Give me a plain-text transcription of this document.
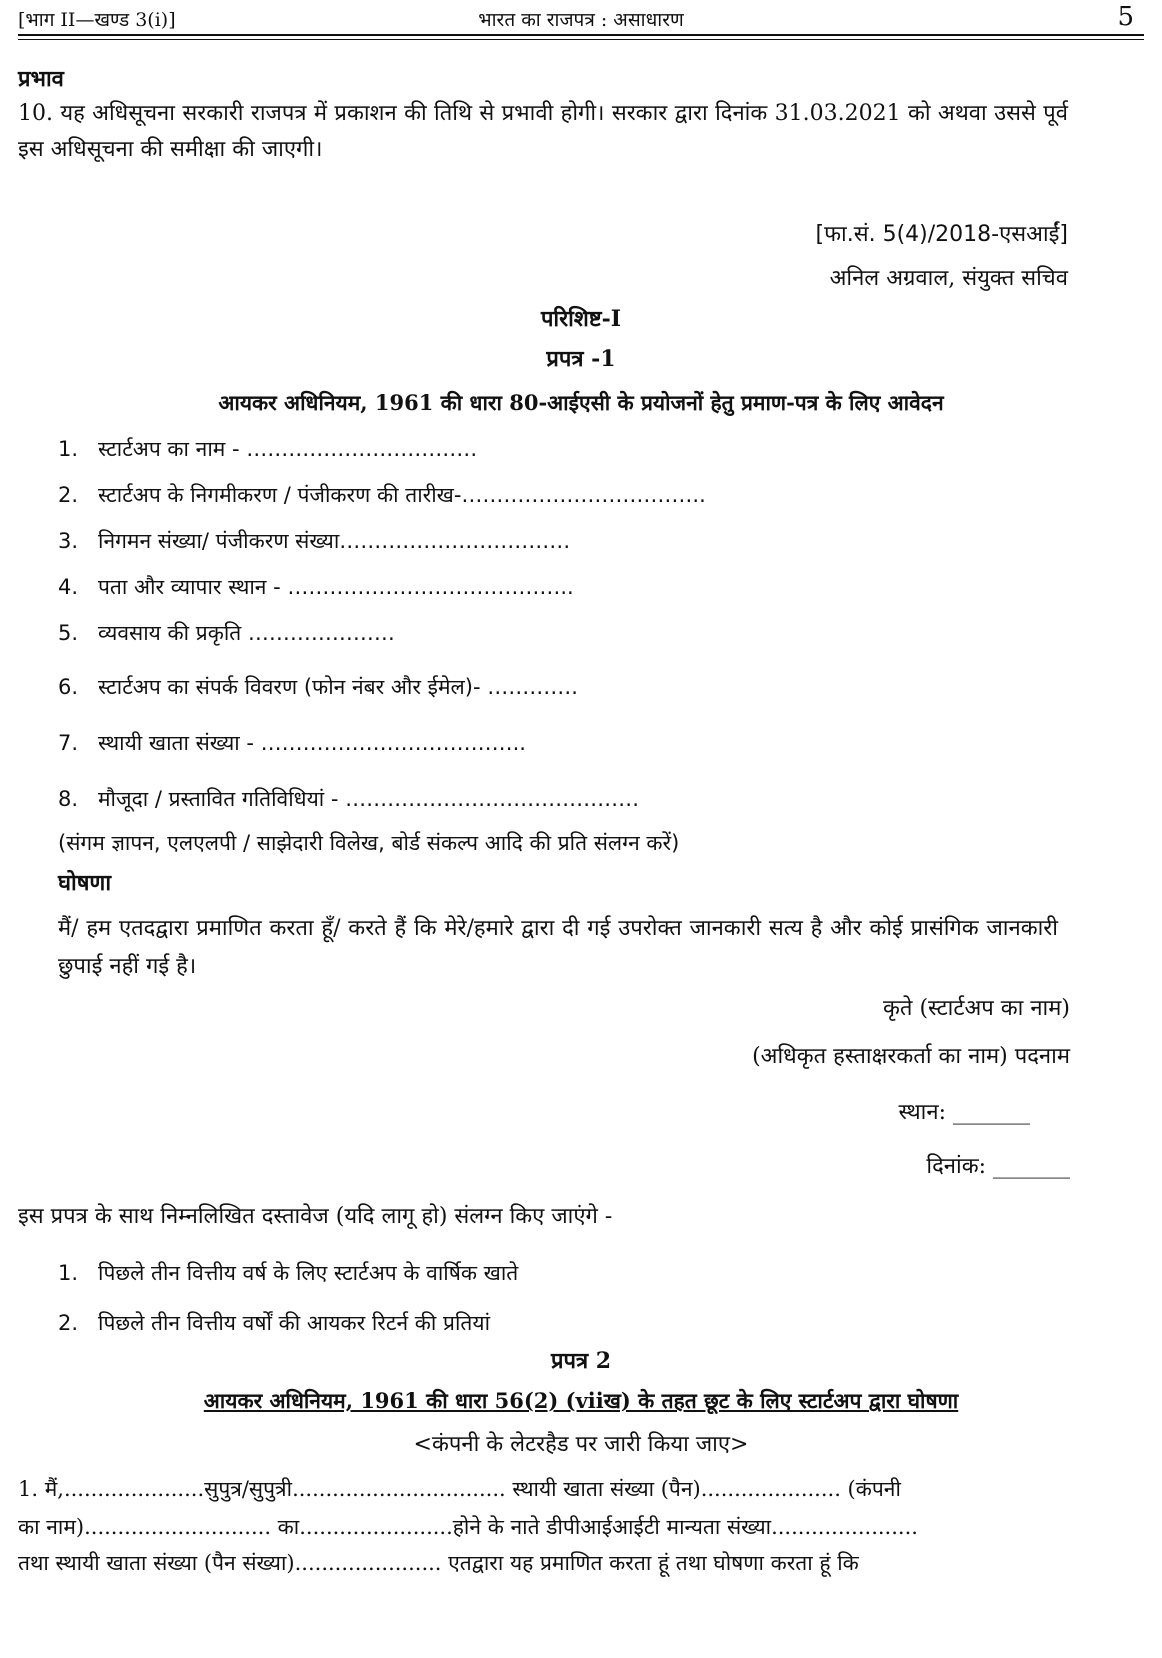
[भाग II—खण्ड 3(i)]	भारत का राजपत्र : असाधारण	5
प्रभाव
10. यह अधिसूचना सरकारी राजपत्र में प्रकाशन की तिथि से प्रभावी होगी। सरकार द्वारा दिनांक 31.03.2021 को अथवा उससे पूर्व इस अधिसूचना की समीक्षा की जाएगी।
[फा.सं. 5(4)/2018-एसआईं]
अनिल अग्रवाल, संयुक्त सचिव
परिशिष्ट-I
प्रपत्र -1
आयकर अधिनियम, 1961 की धारा 80-आईएसी के प्रयोजनों हेतु प्रमाण-पत्र के लिए आवेदन
1. स्टार्टअप का नाम - ……………………………
2. स्टार्टअप के निगमीकरण / पंजीकरण की तारीख-……………………………..
3. निगमन संख्या/ पंजीकरण संख्या……………………………
4. पता और व्यापार स्थान - …………………………………..
5. व्यवसाय की प्रकृति …………………
6. स्टार्टअप का संपर्क विवरण (फोन नंबर और ईमेल)- ………….
7. स्थायी खाता संख्या - ………………………………..
8. मौजूदा / प्रस्तावित गतिविधियां - ……………………………………
(संगम ज्ञापन, एलएलपी / साझेदारी विलेख, बोर्ड संकल्प आदि की प्रति संलग्न करें)
घोषणा
मैं/ हम एतदद्वारा प्रमाणित करता हूँ/ करते हैं कि मेरे/हमारे द्वारा दी गई उपरोक्त जानकारी सत्य है और कोई प्रासंगिक जानकारी छुपाई नहीं गई है।
कृते (स्टार्टअप का नाम)
(अधिकृत हस्ताक्षरकर्ता का नाम) पदनाम
स्थान: _______
दिनांक: _______
इस प्रपत्र के साथ निम्नलिखित दस्तावेज (यदि लागू हो) संलग्न किए जाएंगे -
1. पिछले तीन वित्तीय वर्ष के लिए स्टार्टअप के वार्षिक खाते
2. पिछले तीन वित्तीय वर्षों की आयकर रिटर्न की प्रतियां
प्रपत्र 2
आयकर अधिनियम, 1961 की धारा 56(2) (viiख) के तहत छूट के लिए स्टार्टअप द्वारा घोषणा
<कंपनी के लेटरहैड पर जारी किया जाए>
1. मैं,.....................सुपुत्र/सुपुत्री................................ स्थायी खाता संख्या (पैन)..................... (कंपनी
का नाम)............................ का.......................होने के नाते डीपीआईआईटी मान्यता संख्या......................
तथा स्थायी खाता संख्या (पैन संख्या)...................... एतद्वारा यह प्रमाणित करता हूं तथा घोषणा करता हूं कि
